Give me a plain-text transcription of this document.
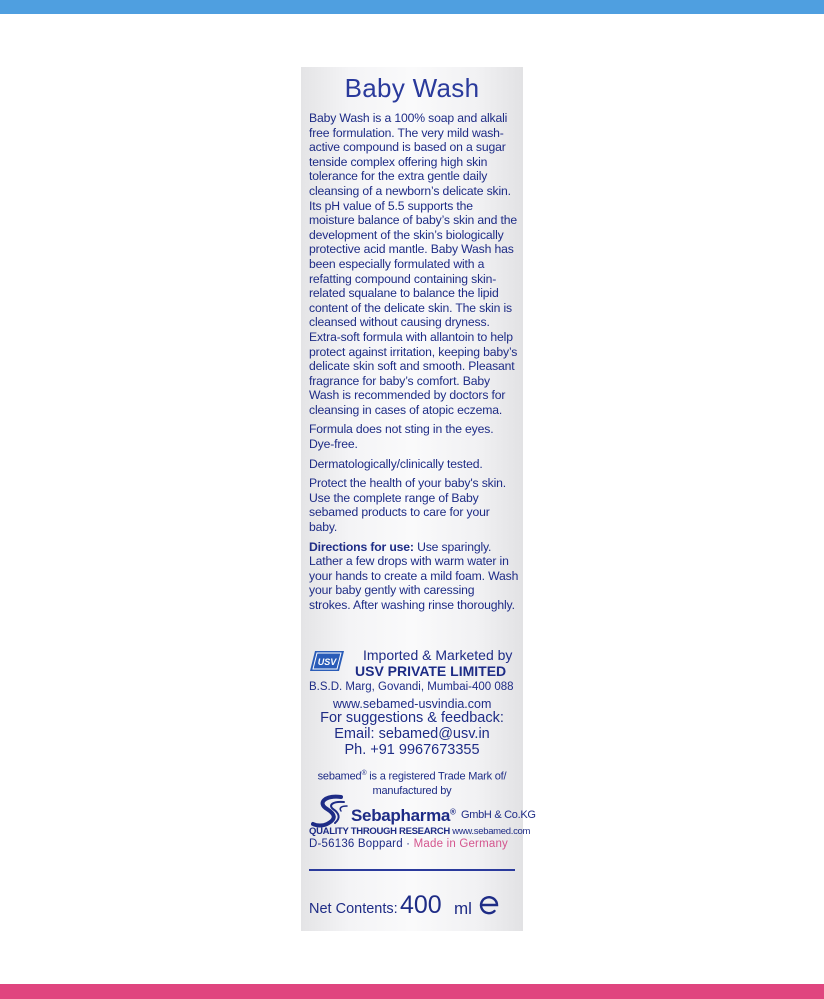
Baby Wash

Baby Wash is a 100% soap and alkali free formulation. The very mild wash-active compound is based on a sugar tenside complex offering high skin tolerance for the extra gentle daily cleansing of a newborn’s delicate skin. Its pH value of 5.5 supports the moisture balance of baby’s skin and the development of the skin’s biologically protective acid mantle. Baby Wash has been especially formulated with a refatting compound containing skin-related squalane to balance the lipid content of the delicate skin. The skin is cleansed without causing dryness. Extra-soft formula with allantoin to help protect against irritation, keeping baby’s delicate skin soft and smooth. Pleasant fragrance for baby’s comfort. Baby Wash is recommended by doctors for cleansing in cases of atopic eczema.

Formula does not sting in the eyes. Dye-free.

Dermatologically/clinically tested.

Protect the health of your baby's skin. Use the complete range of Baby sebamed products to care for your baby.

Directions for use: Use sparingly. Lather a few drops with warm water in your hands to create a mild foam. Wash your baby gently with caressing strokes. After washing rinse thoroughly.

USV Imported & Marketed by
USV PRIVATE LIMITED
B.S.D. Marg, Govandi, Mumbai-400 088
www.sebamed-usvindia.com
For suggestions & feedback:
Email: sebamed@usv.in
Ph. +91 9967673355
sebamed® is a registered Trade Mark of/ manufactured by
Sebapharma® GmbH & Co.KG
QUALITY THROUGH RESEARCH www.sebamed.com
D-56136 Boppard · Made in Germany
Net Contents: 400 ml
